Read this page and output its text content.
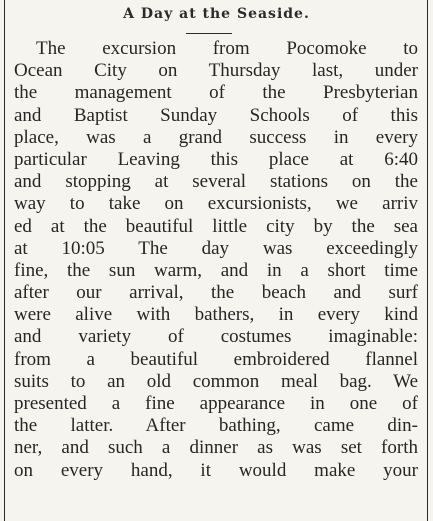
A Day at the Seaside.
The excursion from Pocomoke to
Ocean City on Thursday last, under
the management of the Presbyterian
and Baptist Sunday Schools of this
place, was a grand success in every
particular Leaving this place at 6:40
and stopping at several stations on the
way to take on excursionists, we arriv
ed at the beautiful little city by the sea
at 10:05 The day was exceedingly
fine, the sun warm, and in a short time
after our arrival, the beach and surf
were alive with bathers, in every kind
and variety of costumes imaginable:
from a beautiful embroidered flannel
suits to an old common meal bag. We
presented a fine appearance in one of
the latter. After bathing, came din-
ner, and such a dinner as was set forth
on every hand, it would make your
